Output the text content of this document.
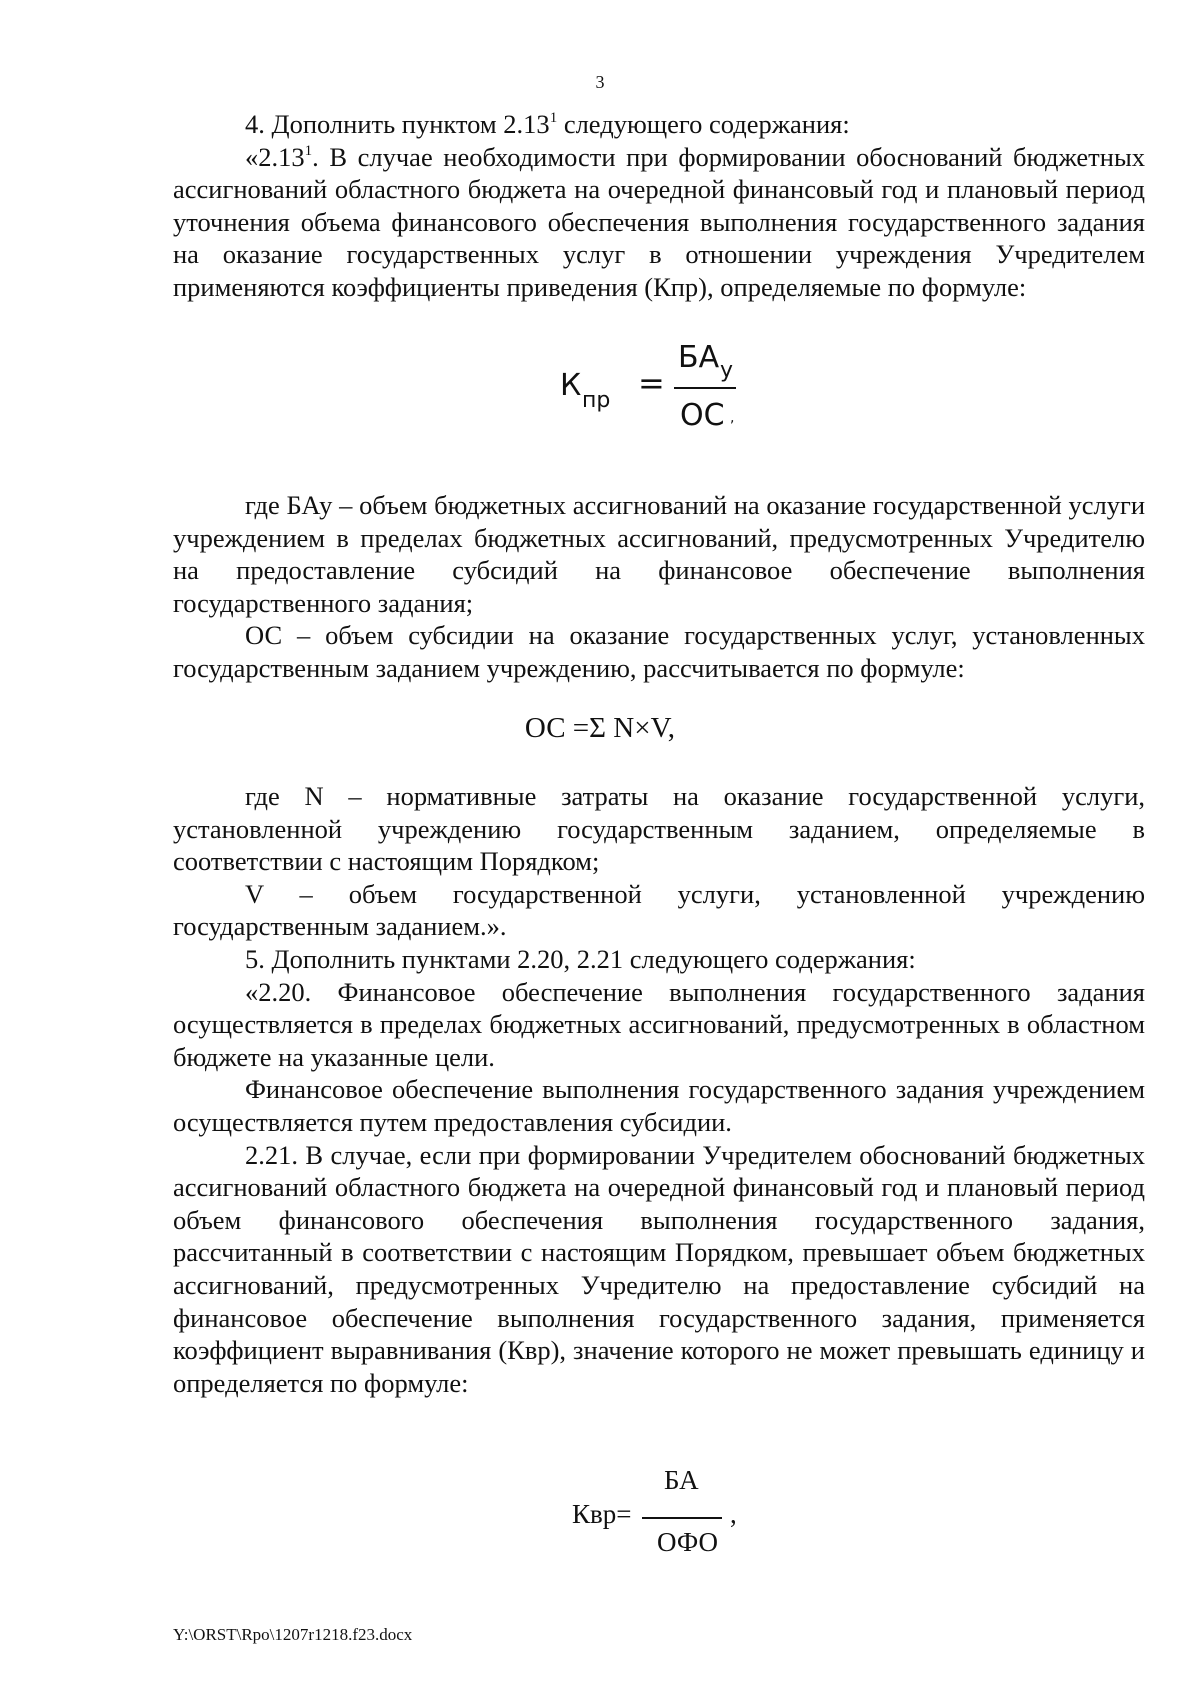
3

4. Дополнить пунктом 2.13$^1$ следующего содержания:

«2.13$^1$. В случае необходимости при формировании обоснований бюджетных ассигнований областного бюджета на очередной финансовый год и плановый период уточнения объема финансового обеспечения выполнения государственного задания на оказание государственных услуг в отношении учреждения Учредителем применяются коэффициенты приведения (Кпр), определяемые по формуле:

К пр =
БА у
ОС ,

где БАу – объем бюджетных ассигнований на оказание государственной услуги учреждением в пределах бюджетных ассигнований, предусмотренных Учредителю на предоставление субсидий на финансовое обеспечение выполнения государственного задания;

ОС – объем субсидии на оказание государственных услуг, установленных государственным заданием учреждению, рассчитывается по формуле:

ОС =Σ N×V,

где N – нормативные затраты на оказание государственной услуги, установленной учреждению государственным заданием, определяемые в соответствии с настоящим Порядком;

V – объем государственной услуги, установленной учреждению государственным заданием.».

5. Дополнить пунктами 2.20, 2.21 следующего содержания:

«2.20. Финансовое обеспечение выполнения государственного задания осуществляется в пределах бюджетных ассигнований, предусмотренных в областном бюджете на указанные цели.

Финансовое обеспечение выполнения государственного задания учреждением осуществляется путем предоставления субсидии.

2.21. В случае, если при формировании Учредителем обоснований бюджетных ассигнований областного бюджета на очередной финансовый год и плановый период объем финансового обеспечения выполнения государственного задания, рассчитанный в соответствии с настоящим Порядком, превышает объем бюджетных ассигнований, предусмотренных Учредителю на предоставление субсидий на финансовое обеспечение выполнения государственного задания, применяется коэффициент выравнивания (Квр), значение которого не может превышать единицу и определяется по формуле:

Квр=
БА
,
ОФО
Y:\ORST\Rpo\1207r1218.f23.docx
